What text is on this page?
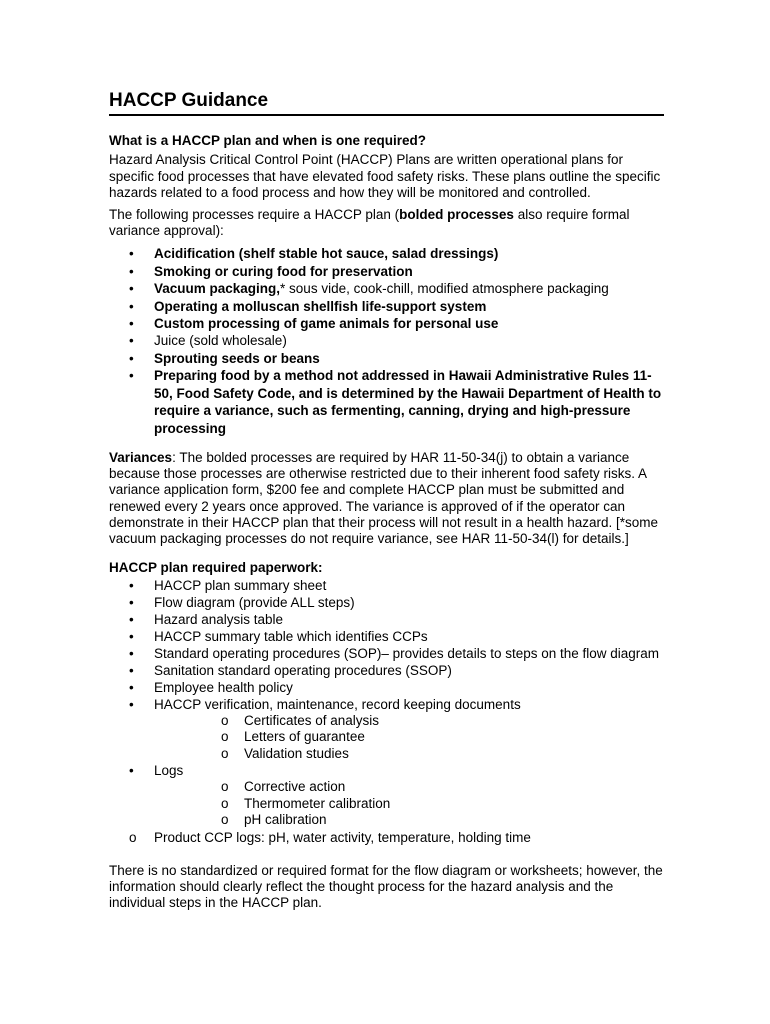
HACCP Guidance

What is a HACCP plan and when is one required?

Hazard Analysis Critical Control Point (HACCP) Plans are written operational plans for specific food processes that have elevated food safety risks. These plans outline the specific hazards related to a food process and how they will be monitored and controlled.

The following processes require a HACCP plan (bolded processes also require formal variance approval):

• Acidification (shelf stable hot sauce, salad dressings)
• Smoking or curing food for preservation
• Vacuum packaging,* sous vide, cook-chill, modified atmosphere packaging
• Operating a molluscan shellfish life-support system
• Custom processing of game animals for personal use
• Juice (sold wholesale)
• Sprouting seeds or beans
• Preparing food by a method not addressed in Hawaii Administrative Rules 11-50, Food Safety Code, and is determined by the Hawaii Department of Health to require a variance, such as fermenting, canning, drying and high-pressure processing

Variances: The bolded processes are required by HAR 11-50-34(j) to obtain a variance because those processes are otherwise restricted due to their inherent food safety risks. A variance application form, $200 fee and complete HACCP plan must be submitted and renewed every 2 years once approved. The variance is approved of if the operator can demonstrate in their HACCP plan that their process will not result in a health hazard. [*some vacuum packaging processes do not require variance, see HAR 11-50-34(l) for details.]

HACCP plan required paperwork:

• HACCP plan summary sheet
• Flow diagram (provide ALL steps)
• Hazard analysis table
• HACCP summary table which identifies CCPs
• Standard operating procedures (SOP)– provides details to steps on the flow diagram
• Sanitation standard operating procedures (SSOP)
• Employee health policy
• HACCP verification, maintenance, record keeping documents
o Certificates of analysis
o Letters of guarantee
o Validation studies
• Logs
o Corrective action
o Thermometer calibration
o pH calibration
o Product CCP logs: pH, water activity, temperature, holding time

There is no standardized or required format for the flow diagram or worksheets; however, the information should clearly reflect the thought process for the hazard analysis and the individual steps in the HACCP plan.
